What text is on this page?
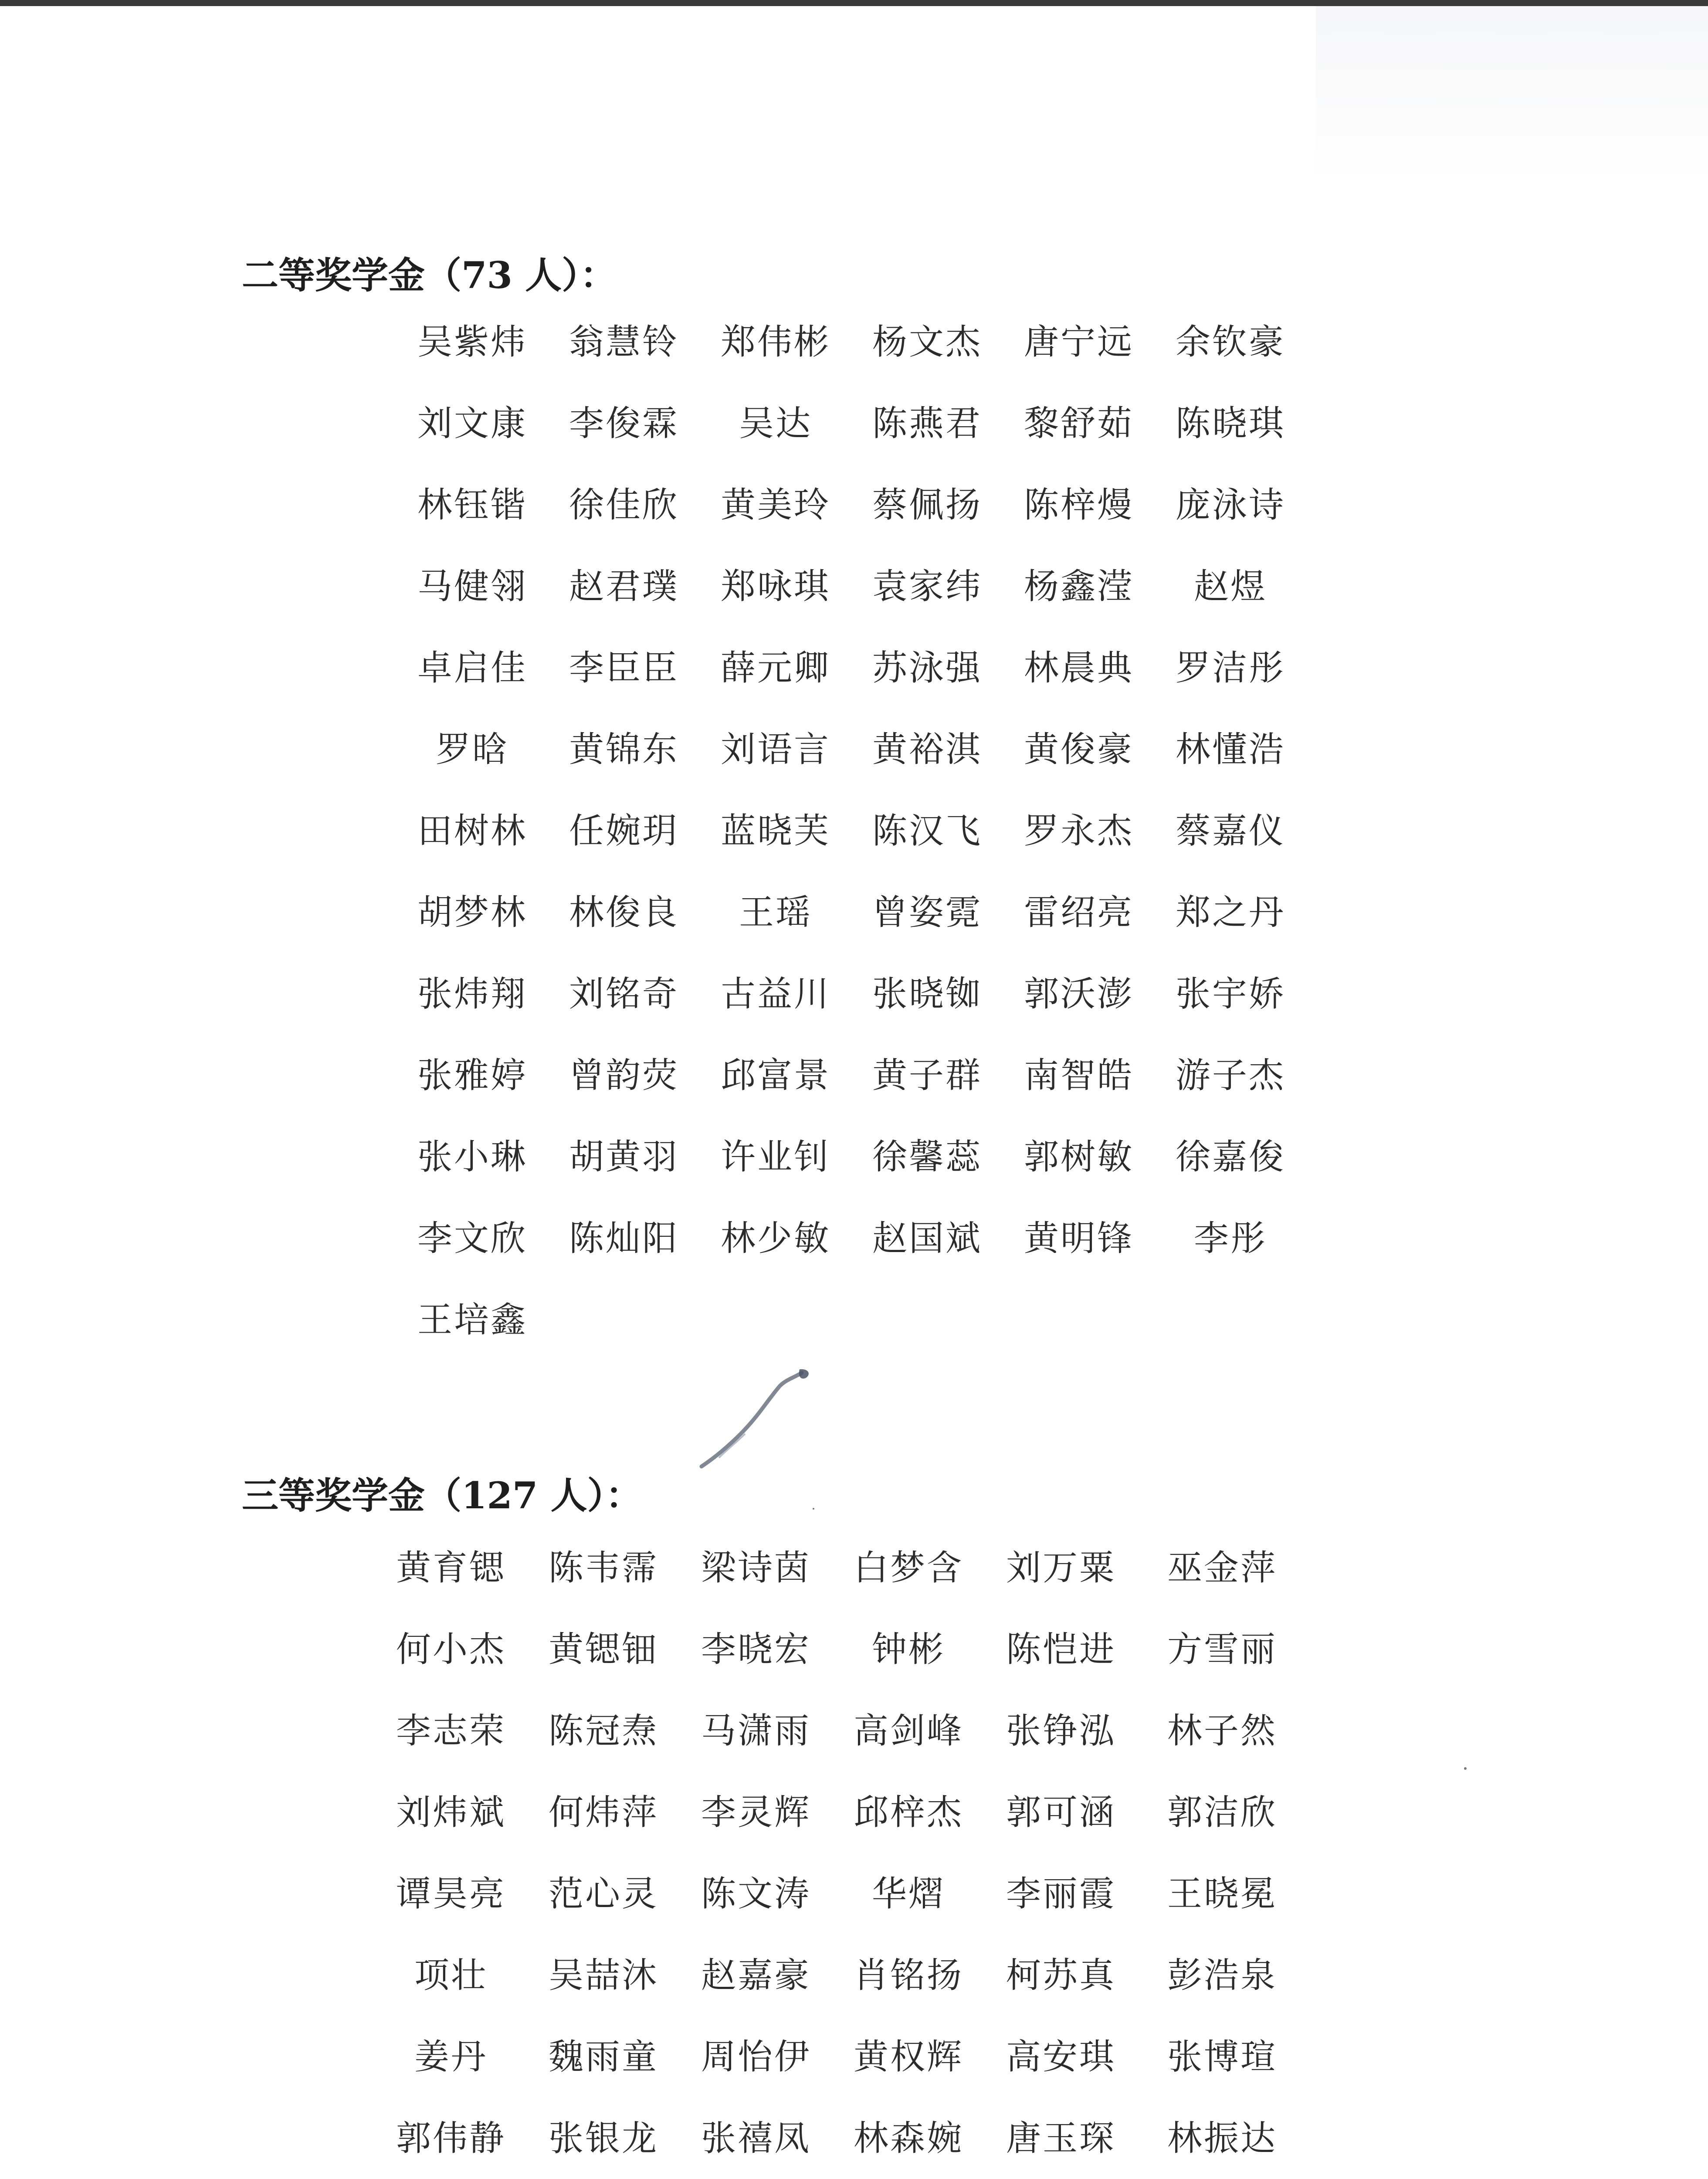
二等奖学金（73 人）：
吴紫炜	翁慧铃	郑伟彬	杨文杰	唐宁远	余钦豪
刘文康	李俊霖	吴达	陈燕君	黎舒茹	陈晓琪
林钰锴	徐佳欣	黄美玲	蔡佩扬	陈梓熳	庞泳诗
马健翎	赵君璞	郑咏琪	袁家纬	杨鑫滢	赵煜
卓启佳	李臣臣	薛元卿	苏泳强	林晨典	罗洁彤
罗晗	黄锦东	刘语言	黄裕淇	黄俊豪	林懂浩
田树林	任婉玥	蓝晓芙	陈汉飞	罗永杰	蔡嘉仪
胡梦林	林俊良	王瑶	曾姿霓	雷绍亮	郑之丹
张炜翔	刘铭奇	古益川	张晓铷	郭沃澎	张宇娇
张雅婷	曾韵荧	邱富景	黄子群	南智皓	游子杰
张小琳	胡黄羽	许业钊	徐馨蕊	郭树敏	徐嘉俊
李文欣	陈灿阳	林少敏	赵国斌	黄明锋	李彤
王培鑫
三等奖学金（127 人）：
黄育锶	陈韦霈	梁诗茵	白梦含	刘万粟	巫金萍
何小杰	黄锶钿	李晓宏	钟彬	陈恺进	方雪丽
李志荣	陈冠焘	马潇雨	高剑峰	张铮泓	林子然
刘炜斌	何炜萍	李灵辉	邱梓杰	郭可涵	郭洁欣
谭昊亮	范心灵	陈文涛	华熠	李丽霞	王晓冕
项壮	吴喆沐	赵嘉豪	肖铭扬	柯苏真	彭浩泉
姜丹	魏雨童	周怡伊	黄权辉	高安琪	张博瑄
郭伟静	张银龙	张禧凤	林森婉	唐玉琛	林振达
